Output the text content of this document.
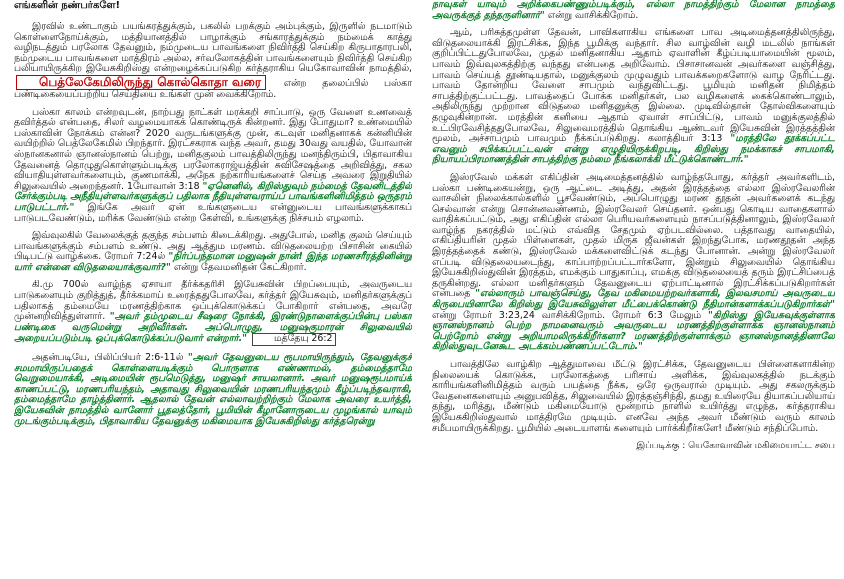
எங்களின் நண்பர்களே!

இரவில் உண்டாகும் பயங்கரத்துக்கும், பகலில் பறக்கும் அம்புக்கும், இருளில் நடமாடும் கொள்ளைநோய்க்கும், மத்தியானத்தில் பாழாக்கும் சங்காரத்துக்கும் நம்மைக் காத்து வழிநடத்தும் பரலோக தேவனும், நம்முடைய பாவங்களை நிவிர்த்தி செய்கிற கிருபாதாரபலி, நம்முடைய பாவங்களை மாத்திரம் அல்ல, சர்வலோகத்தின் பாவங்களையும் நிவிர்த்தி செய்கிற பலியாயிருக்கிற இயேசுகிறிஸ்து என்றழைக்கப்படுகிற கர்த்தராகிய யெகோவாவின் நாமத்தில், பெத்லேகேமிலிருந்து கொல்கொதா வரை என்ற தலைப்பில் பஸ்கா பண்டிகையைப்பற்றிய செய்தியை உங்கள் முன் வைக்கிறோம்.

பஸ்கா காலம் என்றவுடன், நாற்பது நாட்கள் மரக்கறி சாப்பாடு, ஒரு வேளை உணவைத் தவிர்த்தல் என்பதை, சிலர் வழமையாகக் கொண்டிருக் கின்றனர். இது போதுமா? உண்மையில் பஸ்காவின் நோக்கம் என்ன? 2020 வருடங்களுக்கு முன், கடவுள் மனிதனாகக் கன்னியின் வயிற்றில் பெத்லேகேமில் பிறந்தார். இரட்சகராக வந்த அவர், தமது 30வது வயதில், யோவான் ஸ்நானகனால் ஞானஸ்நானம் பெற்று, மனிதகுலம் பாவத்திலிருந்து மனந்திரும்பி, பிதாவாகிய தேவனைத் தொழுதுகொள்ளும்படிக்கு பரலோகராஜ்யத்தின் சுவிசேஷத்தை அறிவித்து, சகல வியாதியுள்ளவர்களையும், குணமாக்கி, அநேக நற்காரியங்களைச் செய்த அவரை இறுதியில் சிலுவையில் அறைந்தனர். 1யோவான் 3:18 "ஏனெனில், கிறிஸ்துவும் நம்மைத் தேவனிடத்தில் சேர்க்கும்படி அநீதியுள்ளவர்களுக்குப் பதிலாக நீதியுள்ளவராய்ப் பாவங்களினிமித்தம் ஒருதரம் பாடுபட்டார்." இங்கே அவர் ஏன் உங்களுடைய என்னுடைய பாவங்களுக்காகப் பாடுபடவேண்டும், மரிக்க வேண்டும் என்ற கேள்வி, உங்களுக்கு நிச்சயம் எழலாம்.

இவ்வுலகில் வேலைக்குத் தகுந்த சம்பளம் கிடைக்கிறது. அதுபோல், மனித குலம் செய்யும் பாவங்களுக்கும் சம்பளம் உண்டு. அது ஆத்தும மரணம். விடுதலையற்ற பிசாசின் கையில் பிடிபட்டு வாழ்க்கை. ரோமர் 7:24ல் "நிர்ப்பந்தமான மனுஷன் நான்! இந்த மரணசரீரத்தினின்று யார் என்னை விடுதலையாக்குவார்?" என்று தேவமனிதன் கேட்கிறார்.

கி.மு 700ல் வாழ்ந்த ஏசாயா தீர்க்கதரிசி இயேசுவின் பிறப்பையும், அவருடைய பாடுகளையும் குறித்துத், தீர்க்கமாய் உரைத்ததுபோலவே, கர்த்தர் இயேசுவும், மனிதர்களுக்குப் பதிலாகத் தம்மையே மரணத்திற்காக ஒப்புக்கொடுக்கப் போகிறார் என்பதை, அவரே முன்னறிவித்துள்ளார். "அவர் தம்முடைய சீஷரை நோக்கி, இரண்டுநாளைக்குப்பின்பு பஸ்கா பண்டிகை வருமென்று அறிவீர்கள். அப்பொழுது, மனுஷகுமாரன் சிலுவையில் அறையப்படும்படி ஒப்புக்கொடுக்கப்படுவார் என்றார்."	மத்தேயு 26:2

அதன்படியே, பிலிப்பியர் 2:6-11ல் "அவர் தேவனுடைய ரூபமாயிருந்தும், தேவனுக்குச் சமமாயிருப்பதைக் கொள்ளையடிக்கும் பொருளாக எண்ணாமல், தம்மைத்தாமே வெறுமையாக்கி, அடிமையின் ரூபமெடுத்து, மனுஷர் சாயலானார். அவர் மனுஷரூபமாய்க் காணப்பட்டு, மரணபரியந்தம், அதாவது சிலுவையின் மரணபரியந்தமும் கீழ்ப்படிந்தவராகி, தம்மைத்தாமே தாழ்த்தினார். ஆதலால் தேவன் எல்லாவற்றிற்கும் மேலாக அவரை உயர்த்தி, இயேசுவின் நாமத்தில் வானோர் பூதலத்தோர், பூமியின் கீழானோருடைய முழங்கால் யாவும் முடங்கும்படிக்கும், பிதாவாகிய தேவனுக்கு மகிமையாக இயேசுகிறிஸ்து கர்த்தரென்று

நாவுகள் யாவும் அறிக்கைபண்ணும்படிக்கும், எல்லா நாமத்திற்கும் மேலான நாமத்தை அவருக்குத் தந்தருளினார்" என்று வாசிக்கிறோம்.

ஆம், பரிசுத்தமுள்ள தேவன், பாவிகளாகிய எங்களை பாவ அடிமைத்தனத்திலிருந்து, விடுதலையாக்கி இரட்சிக்க, இந்த பூமிக்கு வந்தார். சில வாழ்வின் வழி மடலில் நாங்கள் குறிப்பிட்டதுபோலவே, முதல் மனிதனாகிய ஆதாம் ஏவாளின் கீழ்ப்படியாமையின் மூலம், பாவம் இவ்வுலகத்திற்கு வந்தது என்பதை அறிவோம். பிசாசானவன் அவர்களை வஞ்சித்து, பாவம் செய்யத் தூண்டியதால், மனுக்குலம் முழுவதும் பாவக்கறைகளோடு வாழ நேரிட்டது. பாவம் தோன்றிய வேளை சாபமும் வந்துவிட்டது. பூமியும் மனிதன் நிமித்தம் சாபத்திற்குட்பட்டது. பாவத்தைப் போக்க மனிதர்கள், பல வழிகளைக் கைக்கொண்டாலும், அதிலிருந்து முற்றான விடுதலை மனிதனுக்கு இல்லை. முடிவில்தான் தோல்விகளையும் தழுவுகின்றான். மரத்தின் கனியை ஆதாம் ஏவாள் சாப்பிட்டு, பாவம் மனுக்குலத்தில் உட்பிரவேசித்ததுபோலவே, சிலுவைமரத்தில் தொங்கிய ஆண்டவர் இயேசுவின் இரத்தத்தின் மூலம், அச்சாபமும் பாவமும் நீக்கப்படுகிறது. கலாத்தியர் 3:13 "மரத்திலே தூக்கப்பட்ட எவனும் சபிக்கப்பட்டவன் என்று எழுதியிருக்கிறபடி, கிறிஸ்து நமக்காகச் சாபமாகி, நியாயப்பிரமாணத்தின் சாபத்திற்கு நம்மை நீங்கலாக்கி மீட்டுக்கொண்டார்."

இஸ்ரவேல் மக்கள் எகிப்தின் அடிமைத்தனத்தில் வாழ்ந்தபோது, கர்த்தர் அவர்களிடம், பஸ்கா பண்டிகையன்று, ஒரு ஆட்டை அடித்து, அதன் இரத்தத்தை எல்லா இஸ்ரவேலரின் வாசலின் நிலைக்கால்களில் பூசவேண்டும், அப்பொழுது மரண தூதன் அவர்களைக் கடந்து செல்வான் என்று சொன்னவண்ணம், இஸ்ரவேலர் செய்தனர். ஒன்பது கொடிய வாதைகளால் வாதிக்கப்பட்டும், அது எகிப்தின் எல்லா பெரியவர்களையும் நாசப்படுத்தினாலும், இஸ்ரவேலர் வாழ்ந்த நகரத்தில் மட்டும் எவ்வித சேதமும் ஏற்படவில்லை. பத்தாவது வாதையில், எகிப்தியரின் முதல் பிள்ளைகள், முதல் மிருக ஜீவன்கள் இறந்துபோக, மரணதூதன் அந்த இரத்தத்தைக் கண்டு, இஸ்ரவேல் மக்களைவிட்டுக் கடந்து போனான். அன்று இஸ்ரவேலர் எப்படி விடுதலையடைந்து, காப்பாற்றப்பட்டார்களோ, இன்றும் சிலுவையில் தொங்கிய இயேசுகிறிஸ்துவின் இரத்தம், எமக்கும் பாதுகாப்பு, எமக்கு விடுதலையைத் தரும் இரட்சிப்பைத் தருகின்றது. எல்லா மனிதர்களும் தேவனுடைய ஏற்பாட்டினால் இரட்சிக்கப்படுகிறார்கள் என்பதை "எல்லாரும் பாவஞ்செய்து, தேவ மகிமையற்றவர்களாகி, இலவசமாய் அவருடைய கிருபையினாலே கிறிஸ்து இயேசுவிலுள்ள மீட்பைக்கொண்டு நீதிமான்களாக்கப்படுகிறார்கள்" என்று ரோமர் 3:23,24 வாசிக்கிறோம். ரோமர் 6:3 மேலும் "கிறிஸ்து இயேசுவுக்குள்ளாக ஞானஸ்நானம் பெற்ற நாமனைவரும் அவருடைய மரணத்திற்குள்ளாக்க ஞானஸ்நானம் பெற்றோம் என்று அறியாமலிருக்கிறீர்களா? மரணத்திற்குள்ளாக்கும் ஞானஸ்நானத்தினாலே கிறிஸ்துவுடனேகூட அடக்கம்பண்ணப்பட்டோம்."

பாவத்திலே வாழ்கிற ஆத்துமாவை மீட்டு இரட்சிக்க, தேவனுடைய பிள்ளைகளாகின்ற நிலையைக் கொடுக்க, பரலோகத்தை பரிசாய் அளிக்க, இவ்வுலகத்தில் நடக்கும் காரியங்களினிமித்தம் வரும் பயத்தை நீக்க, ஒரே ஒருவரால் முடியும். அது சகலருக்கும் வேதனைகளையும் அனுபவித்த, சிலுவையில் இரத்தஞ்சிந்தி, தமது உயிரையே தியாகப்பலியாய் தந்து, மரித்து, மீண்டும் மகிமையோடு மூன்றாம் நாளில் உயிர்த்து எழுந்த, கர்த்தராகிய இயேசுகிறிஸ்துவால் மாத்திரமே முடியும். எனவே அந்த அவர் மீண்டும் வரும் காலம் சமீபமாயிருக்கிறது. பூமியில் அடையாளங் களையும் பார்க்கிறீர்களே! மீண்டும் சந்திப்போம்.

இப்படிக்கு : யெகோவாவின் மகிமையாட்ட சபை
